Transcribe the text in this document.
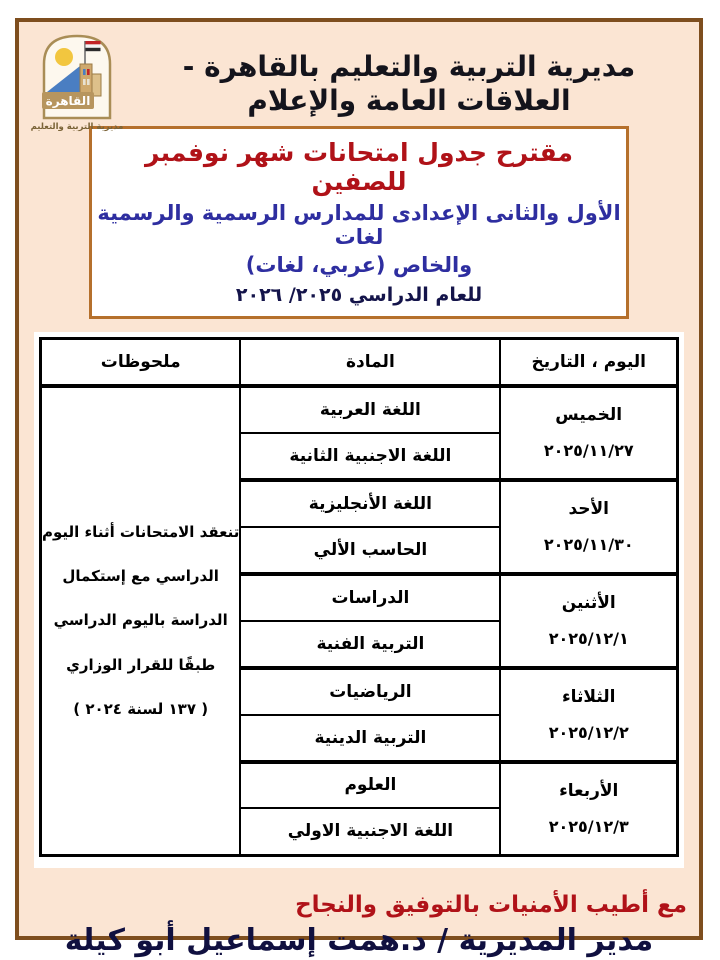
القاهرة
مديرية التربية والتعليم
مديرية التربية والتعليم بالقاهرة - العلاقات العامة والإعلام
مقترح جدول امتحانات شهر نوفمبر للصفين
الأول والثانى الإعدادى للمدارس الرسمية والرسمية لغات
والخاص (عربي، لغات)
للعام الدراسي ٢٠٢٥/ ٢٠٢٦
اليوم ، التاريخ	المادة	ملحوظات

الخميس
٢٠٢٥/١١/٢٧
	اللغة العربية	
تنعقد الامتحانات أثناء اليوم
الدراسي مع إستكمال
الدراسة باليوم الدراسي
طبقًا للقرار الوزاري
( ١٣٧ لسنة ٢٠٢٤ )

	اللغة الاجنبية الثانية	

الأحد
٢٠٢٥/١١/٣٠	اللغة الأنجليزية	
	الحاسب الألي	

الأثنين
٢٠٢٥/١٢/١	الدراسات	
	التربية الفنية	

الثلاثاء
٢٠٢٥/١٢/٢	الرياضيات	
	التربية الدينية	

الأربعاء
٢٠٢٥/١٢/٣	العلوم	
	اللغة الاجنبية الاولي	
مع أطيب الأمنيات بالتوفيق والنجاح
مدير المديرية / د.همت إسماعيل أبو كيلة
